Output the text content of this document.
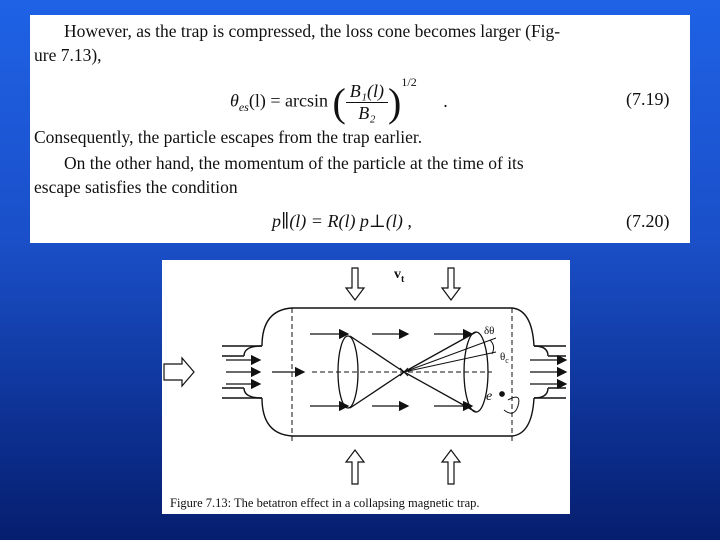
However, as the trap is compressed, the loss cone becomes larger (Fig-
ure 7.13),
$\theta_{es}(l) = \arcsin$ ( $\frac{\text{B₁(l)}}{\text{B₂}} )^{1/2}$ .	(7.19)
Consequently, the particle escapes from the trap earlier.
On the other hand, the momentum of the particle at the time of its
escape satisfies the condition
p∥(l) = R(l) p⊥(l) ,	(7.20)
$v_t$
δθ
$\theta_c$
e
Figure 7.13: The betatron effect in a collapsing magnetic trap.
